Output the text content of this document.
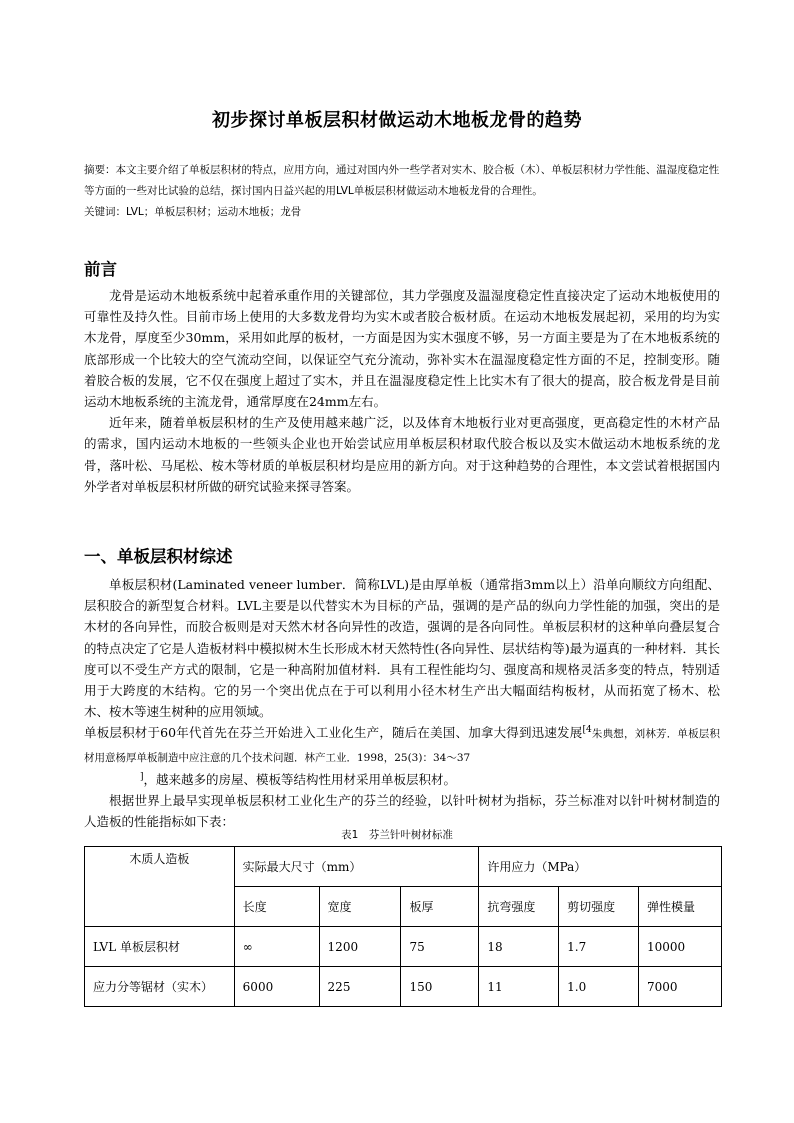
初步探讨单板层积材做运动木地板龙骨的趋势

摘要：本文主要介绍了单板层积材的特点，应用方向，通过对国内外一些学者对实木、胶合板（木）、单板层积材力学性能、温湿度稳定性等方面的一些对比试验的总结，探讨国内日益兴起的用LVL单板层积材做运动木地板龙骨的合理性。

关键词：LVL；单板层积材；运动木地板；龙骨

前言

龙骨是运动木地板系统中起着承重作用的关键部位，其力学强度及温湿度稳定性直接决定了运动木地板使用的可靠性及持久性。目前市场上使用的大多数龙骨均为实木或者胶合板材质。在运动木地板发展起初，采用的均为实木龙骨，厚度至少30mm，采用如此厚的板材，一方面是因为实木强度不够，另一方面主要是为了在木地板系统的底部形成一个比较大的空气流动空间，以保证空气充分流动，弥补实木在温湿度稳定性方面的不足，控制变形。随着胶合板的发展，它不仅在强度上超过了实木，并且在温湿度稳定性上比实木有了很大的提高，胶合板龙骨是目前运动木地板系统的主流龙骨，通常厚度在24mm左右。

近年来，随着单板层积材的生产及使用越来越广泛，以及体育木地板行业对更高强度，更高稳定性的木材产品的需求，国内运动木地板的一些领头企业也开始尝试应用单板层积材取代胶合板以及实木做运动木地板系统的龙骨，落叶松、马尾松、桉木等材质的单板层积材均是应用的新方向。对于这种趋势的合理性，本文尝试着根据国内外学者对单板层积材所做的研究试验来探寻答案。

一、单板层积材综述

单板层积材(Laminated veneer lumber．简称LVL)是由厚单板（通常指3mm以上）沿单向顺纹方向组配、层积胶合的新型复合材料。LVL主要是以代替实木为目标的产品，强调的是产品的纵向力学性能的加强，突出的是木材的各向异性，而胶合板则是对天然木材各向异性的改造，强调的是各向同性。单板层积材的这种单向叠层复合的特点决定了它是人造板材料中模拟树木生长形成木材天然特性(各向异性、层状结构等)最为逼真的一种材料．其长度可以不受生产方式的限制，它是一种高附加值材料．具有工程性能均匀、强度高和规格灵活多变的特点，特别适用于大跨度的木结构。它的另一个突出优点在于可以利用小径木材生产出大幅面结构板材，从而拓宽了杨木、松木、桉木等速生树种的应用领域。

单板层积材于60年代首先在芬兰开始进入工业化生产，随后在美国、加拿大得到迅速发展$^{[4}$朱典想，刘林芳．单板层积材用意杨厚单板制造中应注意的几个技术问题．林产工业．1998，25(3)：34～37
]，越来越多的房屋、模板等结构性用材采用单板层积材。

根据世界上最早实现单板层积材工业化生产的芬兰的经验，以针叶树材为指标，芬兰标准对以针叶树材制造的人造板的性能指标如下表：

表1　芬兰针叶树材标准
木质人造板	实际最大尺寸（mm）			许用应力（MPa）		
	长度	宽度	板厚	抗弯强度	剪切强度	弹性模量
LVL 单板层积材	∞	1200	75	18	1.7	10000
应力分等锯材（实木）	6000	225	150	11	1.0	7000
